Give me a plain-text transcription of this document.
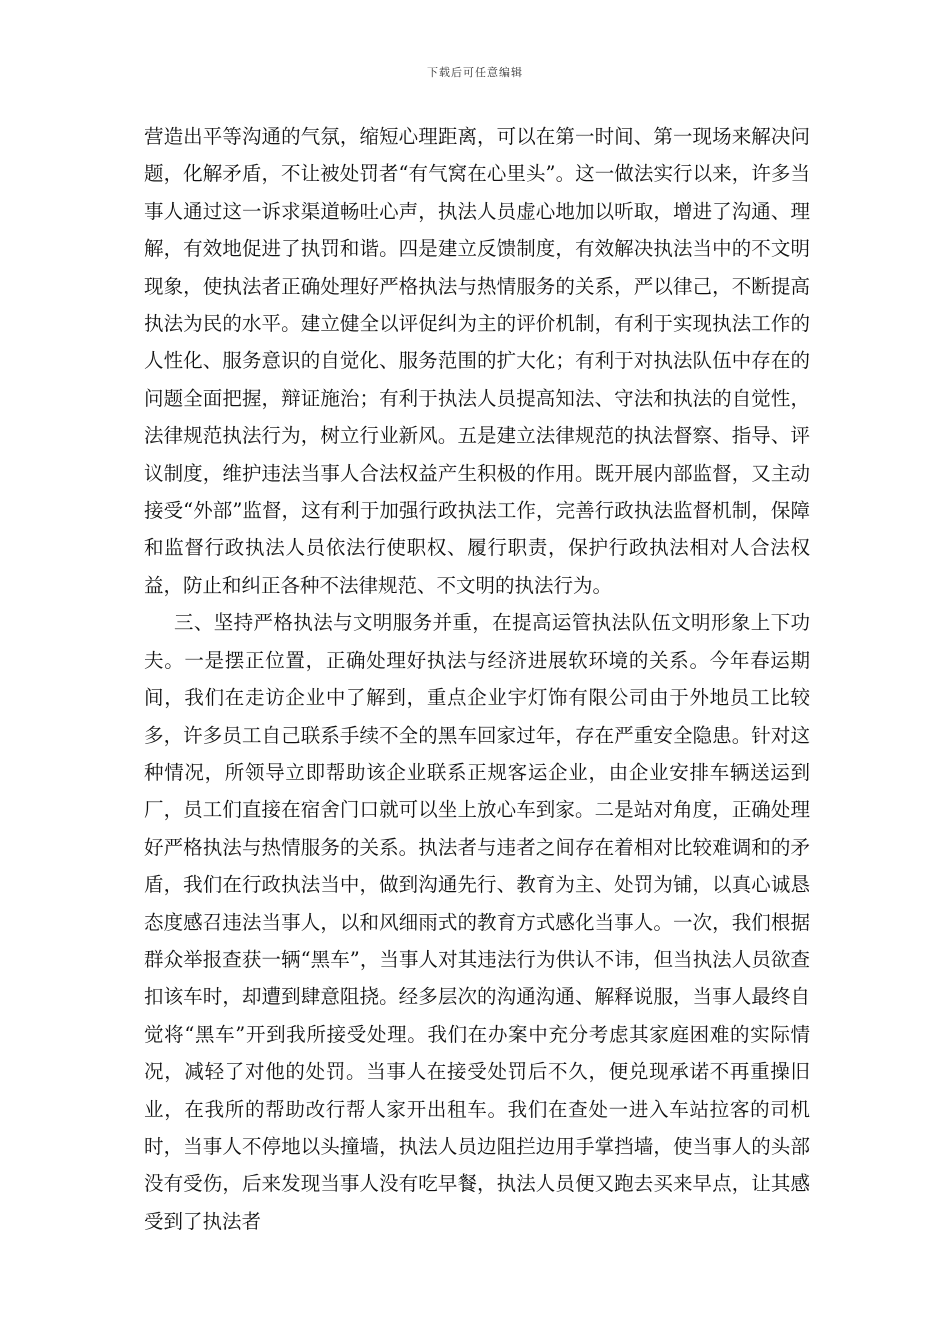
下载后可任意编辑

营造出平等沟通的气氛，缩短心理距离，可以在第一时间、第一现场来解决问题，化解矛盾，不让被处罚者“有气窝在心里头”。这一做法实行以来，许多当事人通过这一诉求渠道畅吐心声，执法人员虚心地加以听取，增进了沟通、理解，有效地促进了执罚和谐。四是建立反馈制度，有效解决执法当中的不文明现象，使执法者正确处理好严格执法与热情服务的关系，严以律己，不断提高执法为民的水平。建立健全以评促纠为主的评价机制，有利于实现执法工作的人性化、服务意识的自觉化、服务范围的扩大化；有利于对执法队伍中存在的问题全面把握，辩证施治；有利于执法人员提高知法、守法和执法的自觉性，法律规范执法行为，树立行业新风。五是建立法律规范的执法督察、指导、评议制度，维护违法当事人合法权益产生积极的作用。既开展内部监督，又主动接受“外部”监督，这有利于加强行政执法工作，完善行政执法监督机制，保障和监督行政执法人员依法行使职权、履行职责，保护行政执法相对人合法权益，防止和纠正各种不法律规范、不文明的执法行为。

三、坚持严格执法与文明服务并重，在提高运管执法队伍文明形象上下功夫。一是摆正位置，正确处理好执法与经济进展软环境的关系。今年春运期间，我们在走访企业中了解到，重点企业宇灯饰有限公司由于外地员工比较多，许多员工自己联系手续不全的黑车回家过年，存在严重安全隐患。针对这种情况，所领导立即帮助该企业联系正规客运企业，由企业安排车辆送运到厂，员工们直接在宿舍门口就可以坐上放心车到家。二是站对角度，正确处理好严格执法与热情服务的关系。执法者与违者之间存在着相对比较难调和的矛盾，我们在行政执法当中，做到沟通先行、教育为主、处罚为铺，以真心诚恳态度感召违法当事人，以和风细雨式的教育方式感化当事人。一次，我们根据群众举报查获一辆“黑车”，当事人对其违法行为供认不讳，但当执法人员欲查扣该车时，却遭到肆意阻挠。经多层次的沟通沟通、解释说服，当事人最终自觉将“黑车”开到我所接受处理。我们在办案中充分考虑其家庭困难的实际情况，减轻了对他的处罚。当事人在接受处罚后不久，便兑现承诺不再重操旧业，在我所的帮助改行帮人家开出租车。我们在查处一进入车站拉客的司机时，当事人不停地以头撞墙，执法人员边阻拦边用手掌挡墙，使当事人的头部没有受伤，后来发现当事人没有吃早餐，执法人员便又跑去买来早点，让其感受到了执法者
